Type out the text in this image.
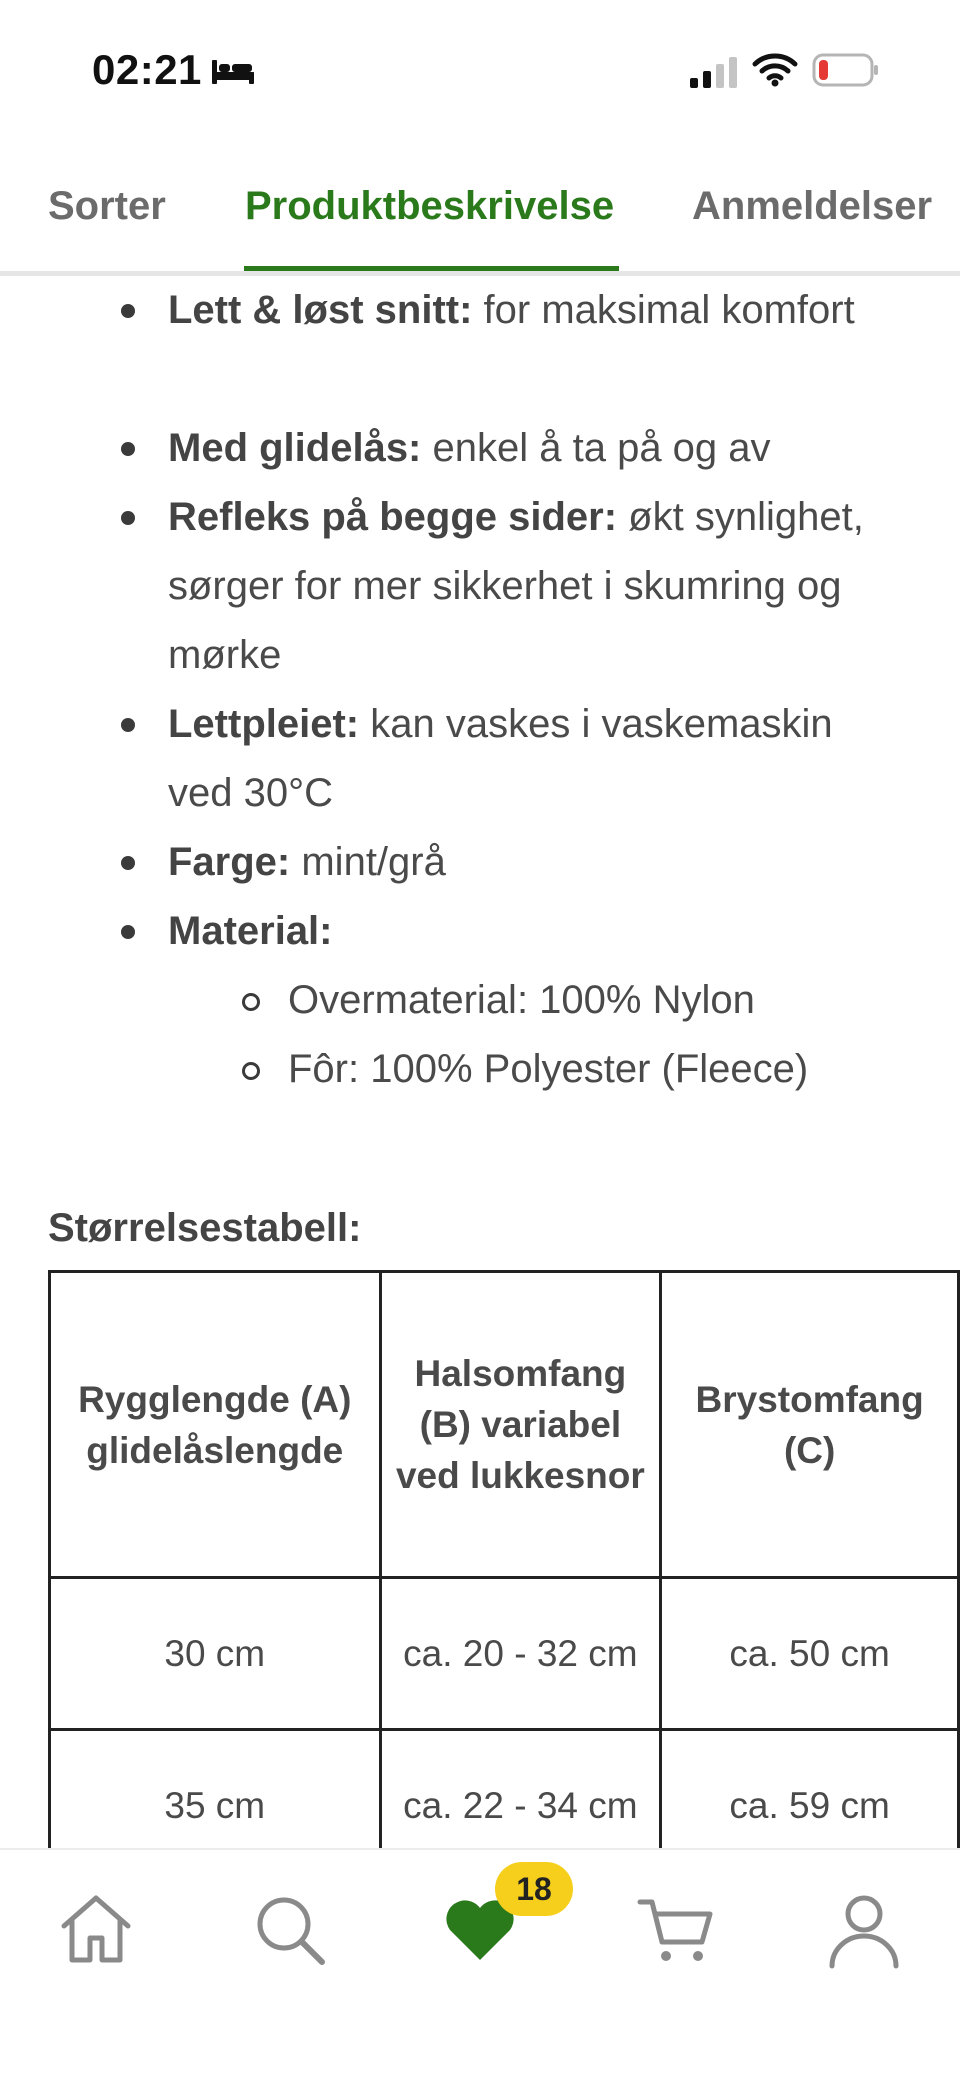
02:21
Sorter Produktbeskrivelse Anmeldelser
Lett & løst snitt: for maksimal komfort
Med glidelås: enkel å ta på og av
Refleks på begge sider: økt synlighet, sørger for mer sikkerhet i skumring og mørke
Lettpleiet: kan vaskes i vaskemaskin ved 30°C
Farge: mint/grå
Material:
Overmaterial: 100% Nylon
Fôr: 100% Polyester (Fleece)
Størrelsestabell:
Rygglengde (A) glidelåslengde	Halsomfang (B) variabel ved lukkesnor	Brystomfang (C)
30 cm	ca. 20 - 32 cm	ca. 50 cm
35 cm	ca. 22 - 34 cm	ca. 59 cm
18
